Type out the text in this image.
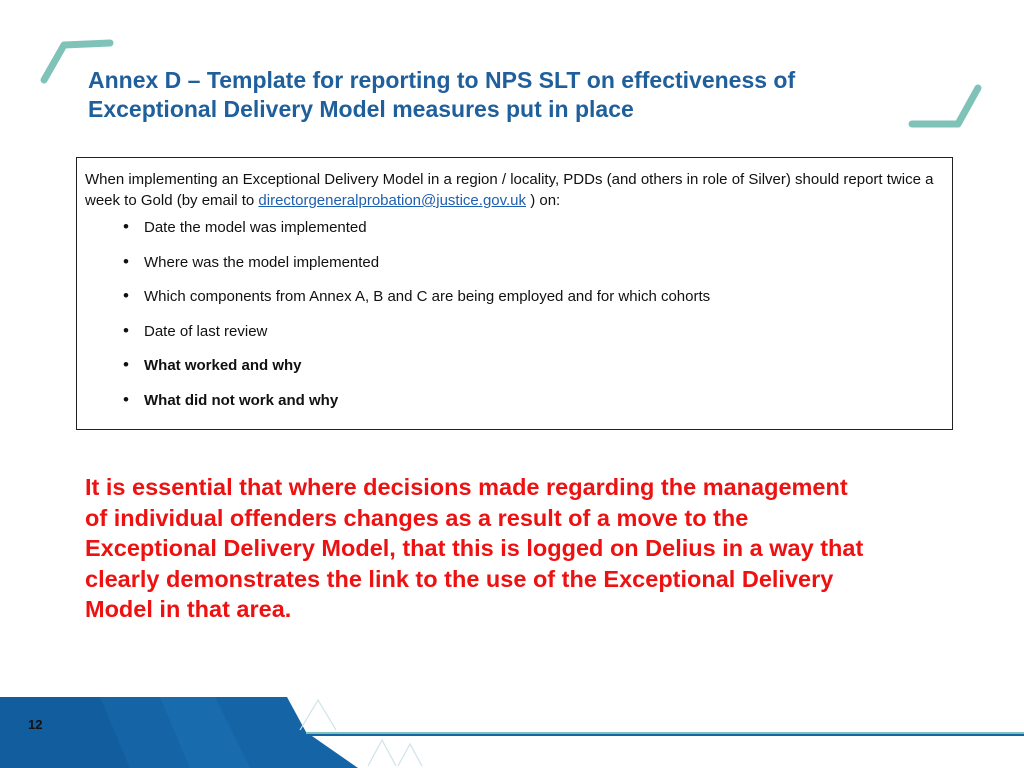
Annex D – Template for reporting to NPS SLT on effectiveness of
Exceptional Delivery Model measures put in place

When implementing an Exceptional Delivery Model in a region / locality, PDDs (and others in role of Silver) should report twice a week to Gold (by email to directorgeneralprobation@justice.gov.uk ) on:

• Date the model was implemented
• Where was the model implemented
• Which components from Annex A, B and C are being employed and for which cohorts
• Date of last review
• What worked and why
• What did not work and why

It is essential that where decisions made regarding the management
of individual offenders changes as a result of a move to the
Exceptional Delivery Model, that this is logged on Delius in a way that
clearly demonstrates the link to the use of the Exceptional Delivery
Model in that area.

12
